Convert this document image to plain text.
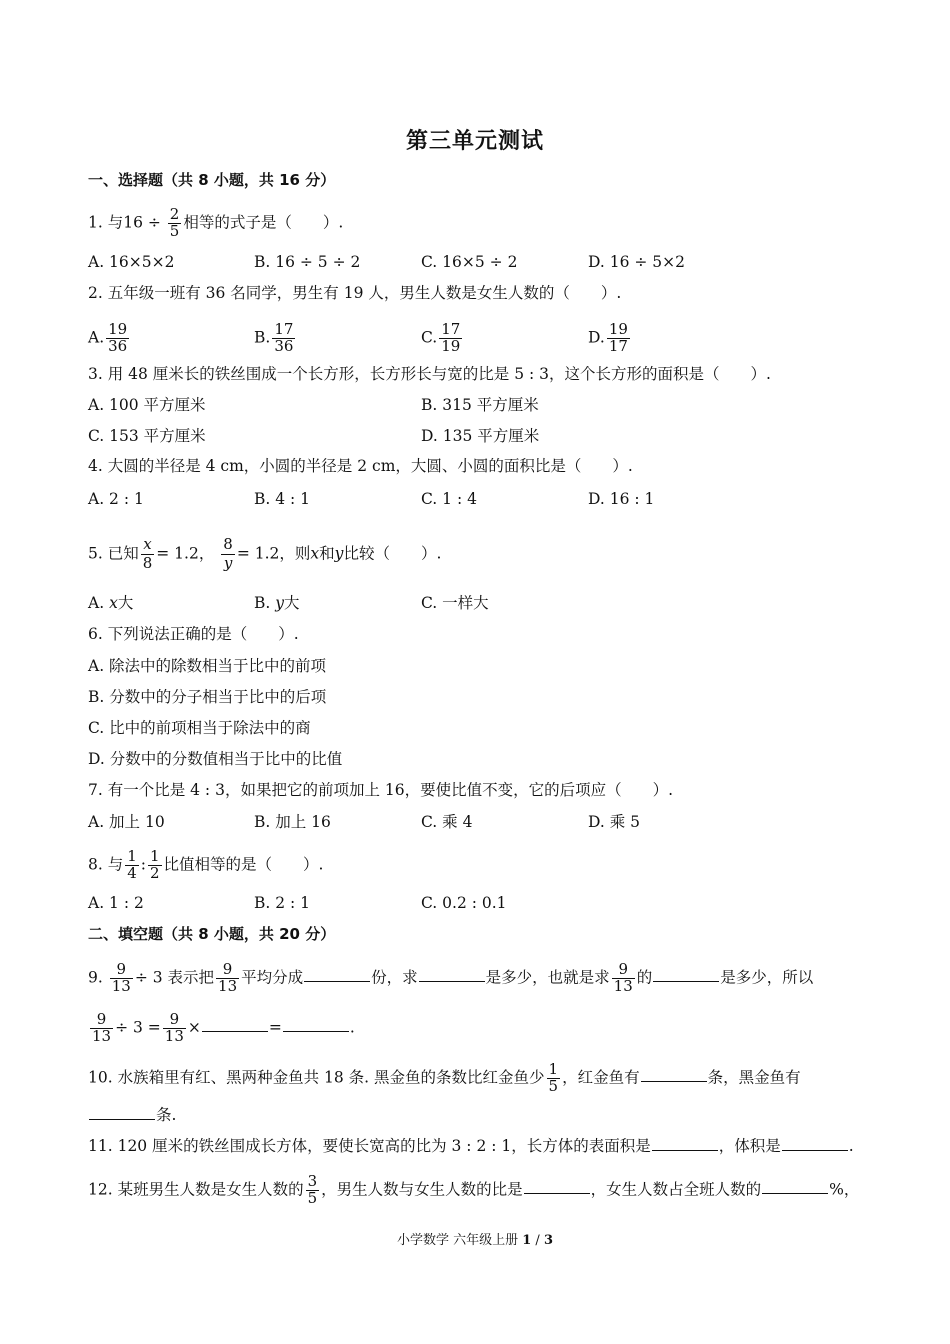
第三单元测试
一、选择题（共 8 小题，共 16 分）
1. 与$16 \div \frac{2}{5}$ 相等的式子是（　　）.
A. 16×5×2	B. 16 ÷ 5 ÷ 2	C. 16×5 ÷ 2	D. 16 ÷ 5×2
2. 五年级一班有 36 名同学，男生有 19 人，男生人数是女生人数的（　　）.
A. $\frac{19}{36}$	B. $\frac{17}{36}$	C. $\frac{17}{19}$	D. $\frac{19}{17}$
3. 用 48 厘米长的铁丝围成一个长方形，长方形长与宽的比是 5 : 3，这个长方形的面积是（　　）.
A. 100 平方厘米	B. 315 平方厘米
C. 153 平方厘米	D. 135 平方厘米
4. 大圆的半径是 4 cm，小圆的半径是 2 cm，大圆、小圆的面积比是（　　）.
A. 2 : 1	B. 4 : 1	C. 1 : 4	D. 16 : 1
5. 已知 $\frac{x}{8} = 1.2$， $\frac{8}{y} = 1.2$，则x和y比较（　　）.
A. x大	B. y大	C. 一样大
6. 下列说法正确的是（　　）.
A. 除法中的除数相当于比中的前项
B. 分数中的分子相当于比中的后项
C. 比中的前项相当于除法中的商
D. 分数中的分数值相当于比中的比值
7. 有一个比是 4 : 3，如果把它的前项加上 16，要使比值不变，它的后项应（　　）.
A. 加上 10	B. 加上 16	C. 乘 4	D. 乘 5
8. 与 $\frac{1}{4}$ : $\frac{1}{2}$ 比值相等的是（　　）.
A. 1 : 2	B. 2 : 1	C. 0.2 : 0.1
二、填空题（共 8 小题，共 20 分）
9. $\frac{9}{13} \div 3$ 表示把 $\frac{9}{13}$ 平均分成	份，求	是多少，也就是求 $\frac{9}{13}$ 的	是多少，所以
$\frac{9}{13} \div 3 = \frac{9}{13}$ ×	=	.
10. 水族箱里有红、黑两种金鱼共 18 条. 黑金鱼的条数比红金鱼少 $\frac{1}{5}$ ，红金鱼有	条，黑金鱼有
条.
11. 120 厘米的铁丝围成长方体，要使长宽高的比为 3 : 2 : 1，长方体的表面积是	，体积是	.
12. 某班男生人数是女生人数的 $\frac{3}{5}$ ，男生人数与女生人数的比是	，女生人数占全班人数的	%，
小学数学 六年级上册 1 / 3
